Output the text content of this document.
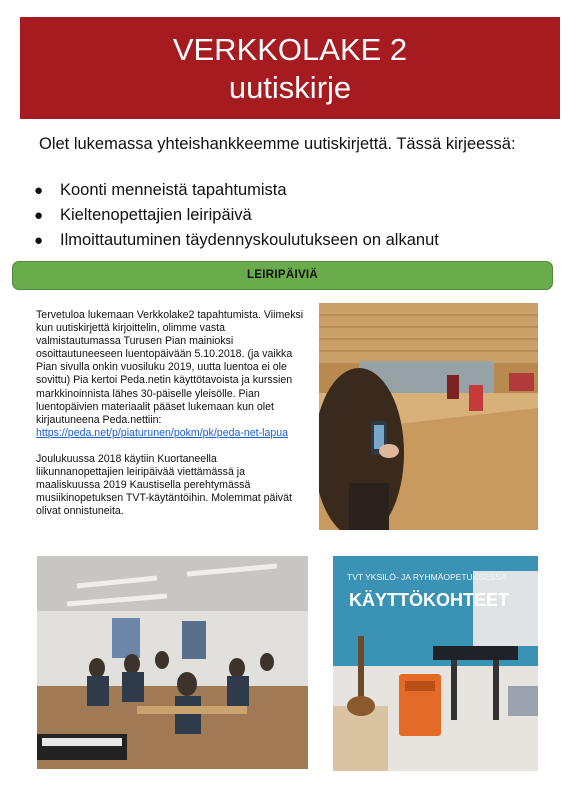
VERKKOLAKE 2
uutiskirje
Olet lukemassa yhteishankkeemme uutiskirjettä. Tässä kirjeessä:
● Koonti menneistä tapahtumista
● Kieltenopettajien leiripäivä
● Ilmoittautuminen täydennyskoulutukseen on alkanut
LEIRIPÄIVIÄ

Tervetuloa lukemaan Verkkolake2 tapahtumista. Viimeksi kun uutiskirjettä kirjoittelin, olimme vasta valmistautumassa Turusen Pian mainioksi osoittautuneeseen luentopäivään 5.10.2018. (ja vaikka Pian sivulla onkin vuosiluku 2019, uutta luentoa ei ole sovittu) Pia kertoi Peda.netin käyttötavoista ja kurssien markkinoinnista lähes 30-päiselle yleisölle. Pian luentopäivien materiaalit pääset lukemaan kun olet kirjautuneena Peda.nettiin: https://peda.net/p/piaturunen/pokm/pk/peda-net-lapua

Joulukuussa 2018 käytiin Kuortaneella liikunnanopettajien leiripäivää viettämässä ja maaliskuussa 2019 Kaustisella perehtymässä musiikinopetuksen TVT-käytäntöihin. Molemmat päivät olivat onnistuneita.

TVT YKSILÖ- JA RYHMÄOPETUKSESSA
KÄYTTÖKOHTEET
